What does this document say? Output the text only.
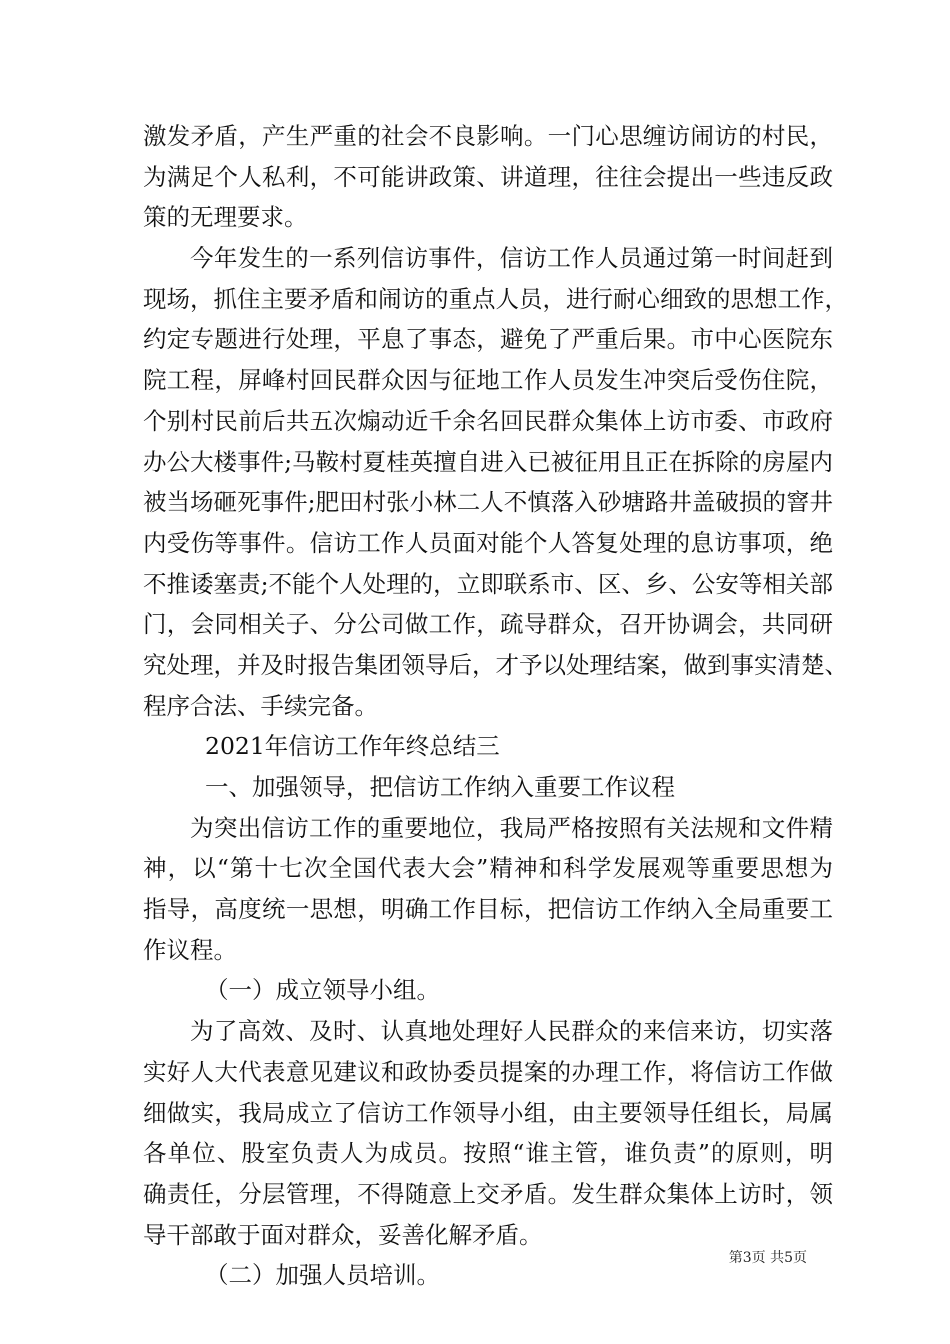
激发矛盾，产生严重的社会不良影响。一门心思缠访闹访的村民，
为满足个人私利，不可能讲政策、讲道理，往往会提出一些违反政
策的无理要求。
今年发生的一系列信访事件，信访工作人员通过第一时间赶到
现场，抓住主要矛盾和闹访的重点人员，进行耐心细致的思想工作，
约定专题进行处理，平息了事态，避免了严重后果。市中心医院东
院工程，屏峰村回民群众因与征地工作人员发生冲突后受伤住院，
个别村民前后共五次煽动近千余名回民群众集体上访市委、市政府
办公大楼事件;马鞍村夏桂英擅自进入已被征用且正在拆除的房屋内
被当场砸死事件;肥田村张小林二人不慎落入砂塘路井盖破损的窨井
内受伤等事件。信访工作人员面对能个人答复处理的息访事项，绝
不推诿塞责;不能个人处理的，立即联系市、区、乡、公安等相关部
门，会同相关子、分公司做工作，疏导群众，召开协调会，共同研
究处理，并及时报告集团领导后，才予以处理结案，做到事实清楚、
程序合法、手续完备。
2021年信访工作年终总结三
一、加强领导，把信访工作纳入重要工作议程
为突出信访工作的重要地位，我局严格按照有关法规和文件精
神，以“第十七次全国代表大会”精神和科学发展观等重要思想为
指导，高度统一思想，明确工作目标，把信访工作纳入全局重要工
作议程。
（一）成立领导小组。
为了高效、及时、认真地处理好人民群众的来信来访，切实落
实好人大代表意见建议和政协委员提案的办理工作，将信访工作做
细做实，我局成立了信访工作领导小组，由主要领导任组长，局属
各单位、股室负责人为成员。按照“谁主管，谁负责”的原则，明
确责任，分层管理，不得随意上交矛盾。发生群众集体上访时，领
导干部敢于面对群众，妥善化解矛盾。
（二）加强人员培训。
第3页 共5页
